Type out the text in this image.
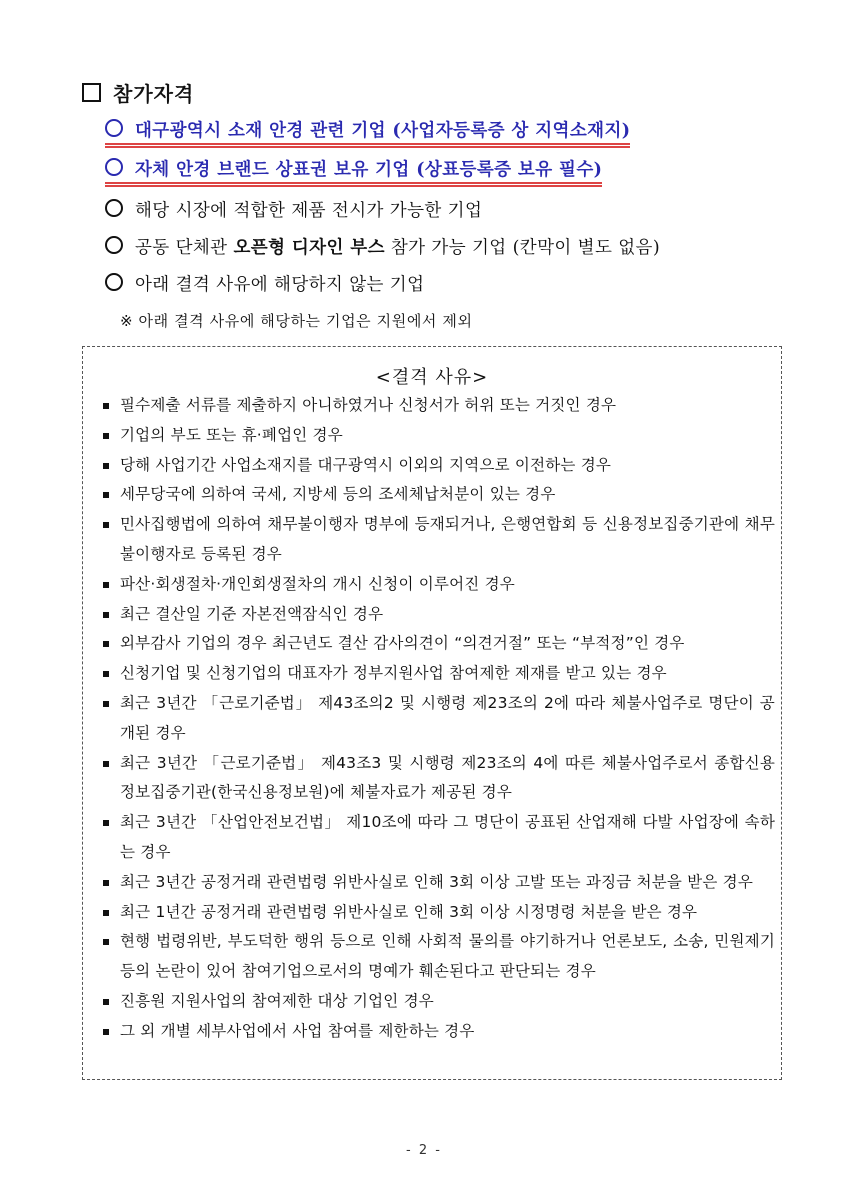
참가자격
대구광역시 소재 안경 관련 기업 (사업자등록증 상 지역소재지)
자체 안경 브랜드 상표권 보유 기업 (상표등록증 보유 필수)
해당 시장에 적합한 제품 전시가 가능한 기업
공동 단체관 오픈형 디자인 부스 참가 가능 기업 (칸막이 별도 없음)
아래 결격 사유에 해당하지 않는 기업
※ 아래 결격 사유에 해당하는 기업은 지원에서 제외
<결격 사유>
필수제출 서류를 제출하지 아니하였거나 신청서가 허위 또는 거짓인 경우
기업의 부도 또는 휴·폐업인 경우
당해 사업기간 사업소재지를 대구광역시 이외의 지역으로 이전하는 경우
세무당국에 의하여 국세, 지방세 등의 조세체납처분이 있는 경우
민사집행법에 의하여 채무불이행자 명부에 등재되거나, 은행연합회 등 신용정보집중기관에 채무불이행자로 등록된 경우
파산·회생절차·개인회생절차의 개시 신청이 이루어진 경우
최근 결산일 기준 자본전액잠식인 경우
외부감사 기업의 경우 최근년도 결산 감사의견이 “의견거절” 또는 “부적정”인 경우
신청기업 및 신청기업의 대표자가 정부지원사업 참여제한 제재를 받고 있는 경우
최근 3년간 「근로기준법」 제43조의2 및 시행령 제23조의 2에 따라 체불사업주로 명단이 공개된 경우
최근 3년간 「근로기준법」 제43조3 및 시행령 제23조의 4에 따른 체불사업주로서 종합신용 정보집중기관(한국신용정보원)에 체불자료가 제공된 경우
최근 3년간 「산업안전보건법」 제10조에 따라 그 명단이 공표된 산업재해 다발 사업장에 속하는 경우
최근 3년간 공정거래 관련법령 위반사실로 인해 3회 이상 고발 또는 과징금 처분을 받은 경우
최근 1년간 공정거래 관련법령 위반사실로 인해 3회 이상 시정명령 처분을 받은 경우
현행 법령위반, 부도덕한 행위 등으로 인해 사회적 물의를 야기하거나 언론보도, 소송, 민원제기 등의 논란이 있어 참여기업으로서의 명예가 훼손된다고 판단되는 경우
진흥원 지원사업의 참여제한 대상 기업인 경우
그 외 개별 세부사업에서 사업 참여를 제한하는 경우
- 2 -
